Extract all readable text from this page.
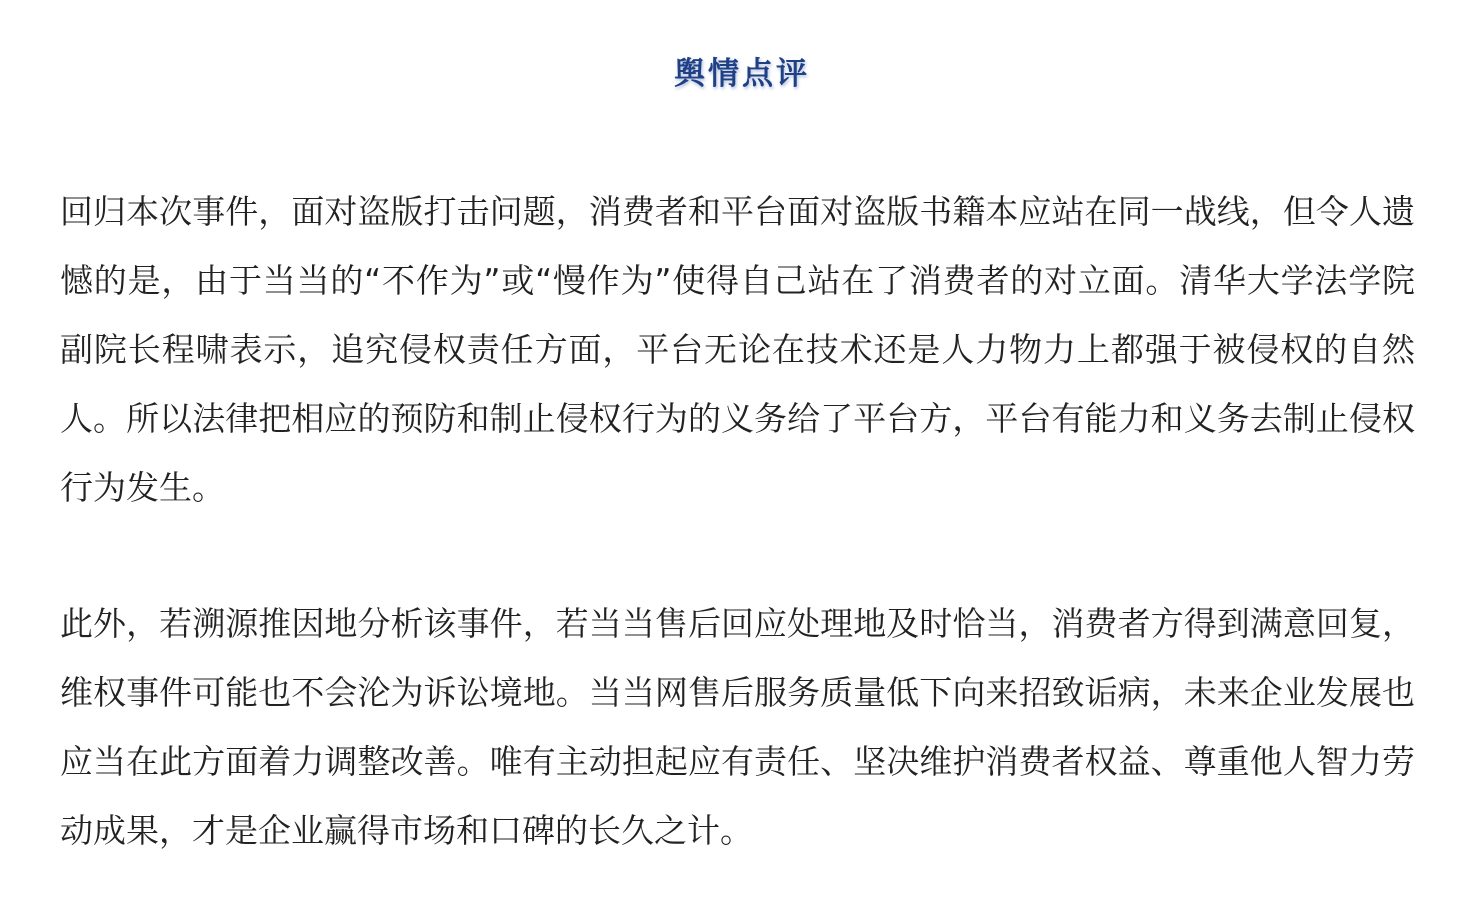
舆情点评

回归本次事件，面对盗版打击问题，消费者和平台面对盗版书籍本应站在同一战线，但令人遗憾的是，由于当当的“不作为”或“慢作为”使得自己站在了消费者的对立面。清华大学法学院副院长程啸表示，追究侵权责任方面，平台无论在技术还是人力物力上都强于被侵权的自然人。所以法律把相应的预防和制止侵权行为的义务给了平台方，平台有能力和义务去制止侵权行为发生。

此外，若溯源推因地分析该事件，若当当售后回应处理地及时恰当，消费者方得到满意回复，维权事件可能也不会沦为诉讼境地。当当网售后服务质量低下向来招致诟病，未来企业发展也应当在此方面着力调整改善。唯有主动担起应有责任、坚决维护消费者权益、尊重他人智力劳动成果，才是企业赢得市场和口碑的长久之计。
